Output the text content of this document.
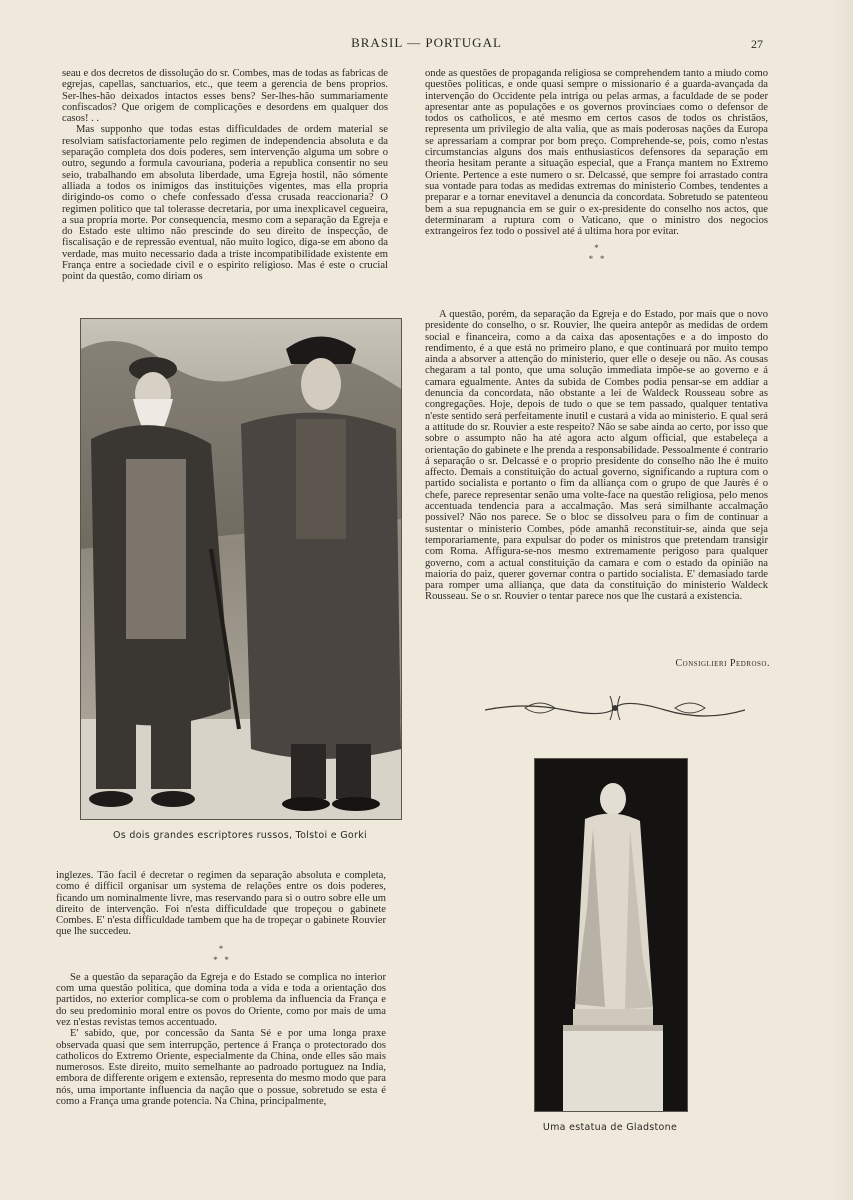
BRASIL — PORTUGAL	27

seau e dos decretos de dissolução do sr. Combes, mas de todas as fabricas de egrejas, capellas, sanctuarios, etc., que teem a gerencia de bens proprios. Ser-lhes-hão deixados intactos esses bens? Ser-lhes-hão summariamente confiscados? Que origem de complicações e desordens em qualquer dos casos! . .

Mas supponho que todas estas difficuldades de ordem material se resolviam satisfactoriamente pelo regimen de independencia absoluta e da separação completa dos dois poderes, sem intervenção alguma um sobre o outro, segundo a formula cavouriana, poderia a republica consentir no seu seio, trabalhando em absoluta liberdade, uma Egreja hostil, não sómente alliada a todos os inimigos das instituições vigentes, mas ella propria dirigindo-os como o chefe confessado d'essa crusada reaccionaria? O regimen politico que tal tolerasse decretaria, por uma inexplicavel cegueira, a sua propria morte. Por consequencia, mesmo com a separação da Egreja e do Estado este ultimo não prescinde do seu direito de inspecção, de fiscalisação e de repressão eventual, não muito logico, diga-se em abono da verdade, mas muito necessario dada a triste incompatibilidade existente em França entre a sociedade civil e o espirito religioso. Mas é este o crucial point da questão, como diriam os

Os dois grandes escriptores russos, Tolstoi e Gorki

inglezes. Tão facil é decretar o regimen da separação absoluta e completa, como é difficil organisar um systema de relações entre os dois poderes, ficando um nominalmente livre, mas reservando para si o outro sobre elle um direito de intervenção. Foi n'esta difficuldade que tropeçou o gabinete Combes. E' n'esta difficuldade tambem que ha de tropeçar o gabinete Rouvier que lhe succedeu.

*
*   *

Se a questão da separação da Egreja e do Estado se complica no interior com uma questão politica, que domina toda a vida e toda a orientação dos partidos, no exterior complica-se com o problema da influencia da França e do seu predominio moral entre os povos do Oriente, como por mais de uma vez n'estas revistas temos accentuado.

E' sabido, que, por concessão da Santa Sé e por uma longa praxe observada quasi que sem interrupção, pertence á França o protectorado dos catholicos do Extremo Oriente, especialmente da China, onde elles são mais numerosos. Este direito, muito semelhante ao padroado portuguez na India, embora de differente origem e extensão, representa do mesmo modo que para nós, uma importante influencia da nação que o possue, sobretudo se esta é como a França uma grande potencia. Na China, principalmente,

onde as questões de propaganda religiosa se comprehendem tanto a miudo como questões politicas, e onde quasi sempre o missionario é a guarda-avançada da intervenção do Occidente pela intriga ou pelas armas, a faculdade de se poder apresentar ante as populações e os governos provinciaes como o defensor de todos os catholicos, e até mesmo em certos casos de todos os christãos, representa um privilegio de alta valia, que as mais poderosas nações da Europa se apressariam a comprar por bom preço. Comprehende-se, pois, como n'estas circumstancias alguns dos mais enthusiasticos defensores da separação em theoria hesitam perante a situação especial, que a França mantem no Extremo Oriente. Pertence a este numero o sr. Delcassé, que sempre foi arrastado contra sua vontade para todas as medidas extremas do ministerio Combes, tendentes a preparar e a tornar enevitavel a denuncia da concordata. Sobretudo se patenteou bem a sua repugnancia em se guir o ex-presidente do conselho nos actos, que determinaram a ruptura com o Vaticano, que o ministro dos negocios extrangeiros fez todo o possivel até á ultima hora por evitar.

*
*   *

A questão, porém, da separação da Egreja e do Estado, por mais que o novo presidente do conselho, o sr. Rouvier, lhe queira antepôr as medidas de ordem social e financeira, como a da caixa das aposentações e a do imposto do rendimento, é a que está no primeiro plano, e que continuará por muito tempo ainda a absorver a attenção do ministerio, quer elle o deseje ou não. As cousas chegaram a tal ponto, que uma solução immediata impõe-se ao governo e á camara egualmente. Antes da subida de Combes podia pensar-se em addiar a denuncia da concordata, não obstante a lei de Waldeck Rousseau sobre as congregações. Hoje, depois de tudo o que se tem passado, qualquer tentativa n'este sentido será perfeitamente inutil e custará a vida ao ministerio. E qual será a attitude do sr. Rouvier a este respeito? Não se sabe ainda ao certo, por isso que sobre o assumpto não ha até agora acto algum official, que estabeleça a orientação do gabinete e lhe prenda a responsabilidade. Pessoalmente é contrario á separação o sr. Delcassé e o proprio presidente do conselho não lhe é muito affecto. Demais a constituição do actual governo, significando a ruptura com o partido socialista e portanto o fim da alliança com o grupo de que Jaurès é o chefe, parece representar senão uma volte-face na questão religiosa, pelo menos accentuada tendencia para a accalmação. Mas será similhante accalmação possivel? Não nos parece. Se o bloc se dissolveu para o fim de continuar a sustentar o ministerio Combes, póde amanhã reconstituir-se, ainda que seja temporariamente, para expulsar do poder os ministros que pretendam transigir com Roma. Affigura-se-nos mesmo extremamente perigoso para qualquer governo, com a actual constituição da camara e com o estado da opinião na maioria do paiz, querer governar contra o partido socialista. E' demasiado tarde para romper uma alliança, que data da constituição do ministerio Waldeck Rousseau. Se o sr. Rouvier o tentar parece nos que lhe custará a existencia.

Consiglieri Pedroso.
Uma estatua de Gladstone
